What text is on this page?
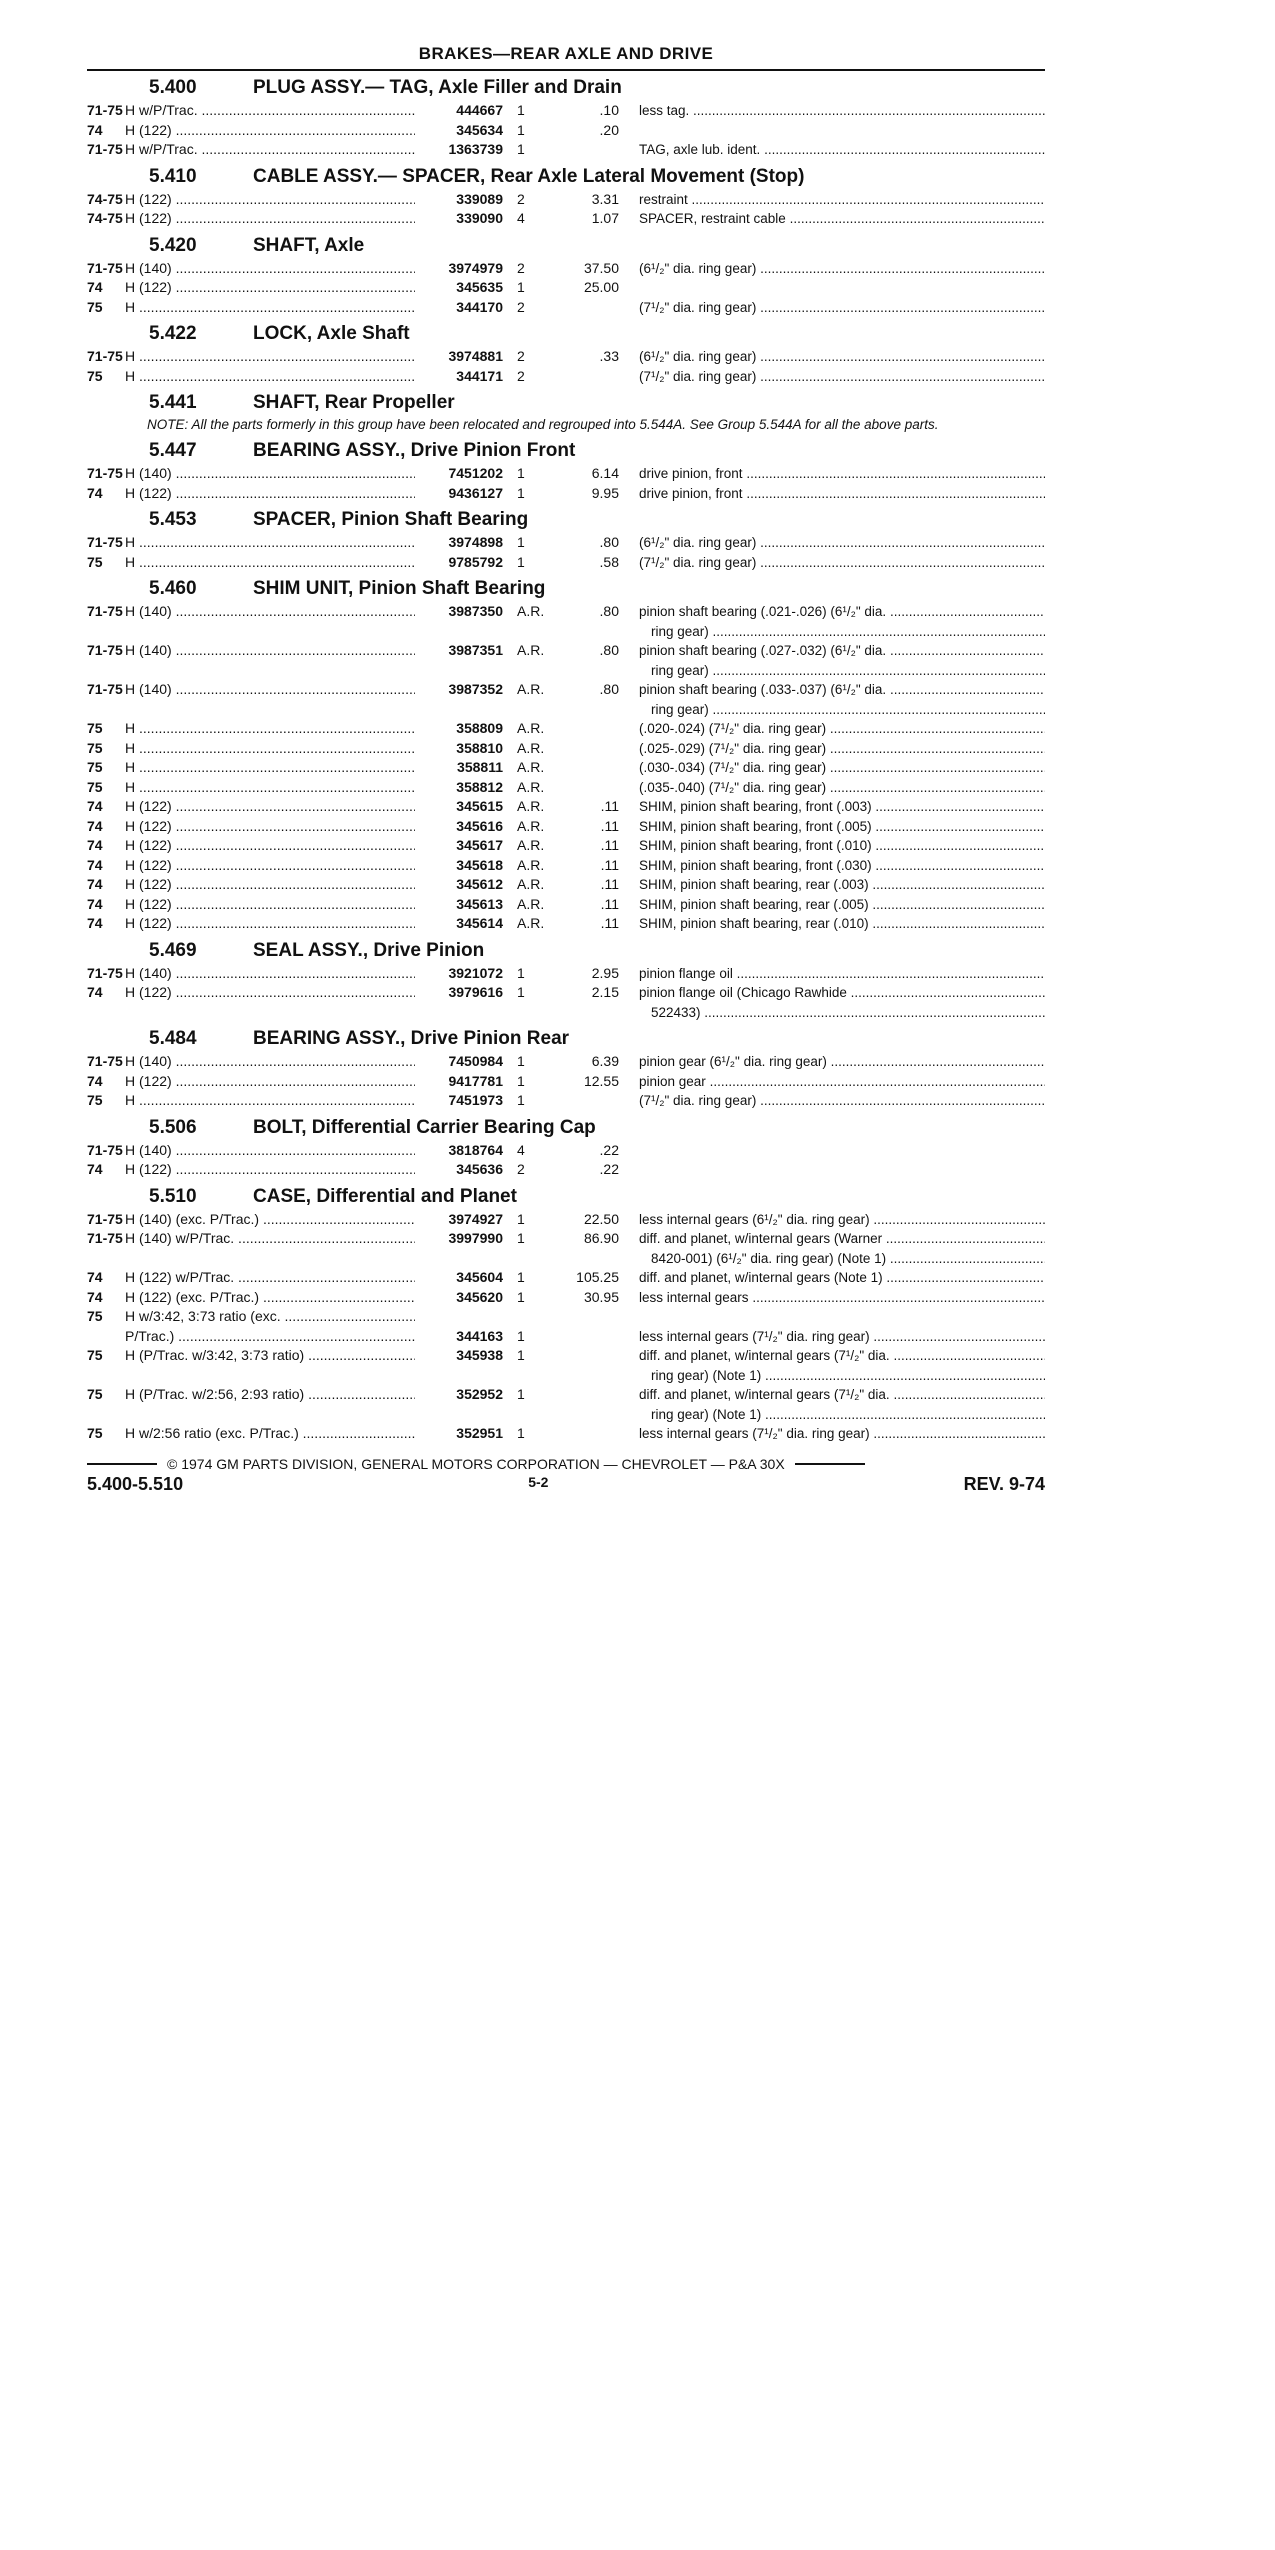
BRAKES—REAR AXLE AND DRIVE
5.400	PLUG ASSY.— TAG, Axle Filler and Drain
71-75 H w/P/Trac. .....	444667	1	.10 less tag. .....
74	H (122) .....	345634	1	.20
71-75 H w/P/Trac. .....	1363739	1	TAG, axle lub. ident. .....
5.410	CABLE ASSY.— SPACER, Rear Axle Lateral Movement (Stop)
74-75 H (122) .....	339089	2	3.31 restraint .....
74-75 H (122) .....	339090	4	1.07 SPACER, restraint cable .....
5.420	SHAFT, Axle
71-75 H (140) .....	3974979	2	37.50 (6¹/₂" dia. ring gear) .....
74	H (122) .....	345635	1	25.00
75	H .....	344170	2	(7¹/₂" dia. ring gear) .....
5.422	LOCK, Axle Shaft
71-75 H .....	3974881	2	.33 (6¹/₂" dia. ring gear) .....
75	H .....	344171	2	(7¹/₂" dia. ring gear) .....
5.441	SHAFT, Rear Propeller
NOTE: All the parts formerly in this group have been relocated and regrouped into 5.544A. See Group 5.544A for all the above parts.
5.447	BEARING ASSY., Drive Pinion Front
71-75 H (140) .....	7451202	1	6.14 drive pinion, front .....
74	H (122) .....	9436127	1	9.95 drive pinion, front .....
5.453	SPACER, Pinion Shaft Bearing
71-75 H .....	3974898	1	.80 (6¹/₂" dia. ring gear) .....
75	H .....	9785792	1	.58 (7¹/₂" dia. ring gear) .....
5.460	SHIM UNIT, Pinion Shaft Bearing
71-75 H (140) .....	3987350	A.R.	.80 pinion shaft bearing (.021-.026) (6¹/₂" dia. .....
ring gear) .....
71-75 H (140) .....	3987351	A.R.	.80 pinion shaft bearing (.027-.032) (6¹/₂" dia. .....
ring gear) .....
71-75 H (140) .....	3987352	A.R.	.80 pinion shaft bearing (.033-.037) (6¹/₂" dia. .....
ring gear) .....
75	H .....	358809	A.R.	(.020-.024) (7¹/₂" dia. ring gear) .....
75	H .....	358810	A.R.	(.025-.029) (7¹/₂" dia. ring gear) .....
75	H .....	358811	A.R.	(.030-.034) (7¹/₂" dia. ring gear) .....
75	H .....	358812	A.R.	(.035-.040) (7¹/₂" dia. ring gear) .....
74	H (122) .....	345615	A.R.	.11 SHIM, pinion shaft bearing, front (.003) .....
74	H (122) .....	345616	A.R.	.11 SHIM, pinion shaft bearing, front (.005) .....
74	H (122) .....	345617	A.R.	.11 SHIM, pinion shaft bearing, front (.010) .....
74	H (122) .....	345618	A.R.	.11 SHIM, pinion shaft bearing, front (.030) .....
74	H (122) .....	345612	A.R.	.11 SHIM, pinion shaft bearing, rear (.003) .....
74	H (122) .....	345613	A.R.	.11 SHIM, pinion shaft bearing, rear (.005) .....
74	H (122) .....	345614	A.R.	.11 SHIM, pinion shaft bearing, rear (.010) .....
5.469	SEAL ASSY., Drive Pinion
71-75 H (140) .....	3921072	1	2.95 pinion flange oil .....
74	H (122) .....	3979616	1	2.15 pinion flange oil (Chicago Rawhide .....
522433) .....
5.484	BEARING ASSY., Drive Pinion Rear
71-75 H (140) .....	7450984	1	6.39 pinion gear (6¹/₂" dia. ring gear) .....
74	H (122) .....	9417781	1	12.55 pinion gear .....
75	H .....	7451973	1	(7¹/₂" dia. ring gear) .....
5.506	BOLT, Differential Carrier Bearing Cap
71-75 H (140) .....	3818764	4	.22
74	H (122) .....	345636	2	.22
5.510	CASE, Differential and Planet
71-75 H (140) (exc. P/Trac.) .....	3974927	1	22.50 less internal gears (6¹/₂" dia. ring gear) .....
71-75 H (140) w/P/Trac. .....	3997990	1	86.90 diff. and planet, w/internal gears (Warner .....
8420-001) (6¹/₂" dia. ring gear) (Note 1) .....
74	H (122) w/P/Trac. .....	345604	1	105.25 diff. and planet, w/internal gears (Note 1) .....
74	H (122) (exc. P/Trac.) .....	345620	1	30.95 less internal gears .....
75	H w/3:42, 3:73 ratio (exc. .....
P/Trac.) .....	344163	1	less internal gears (7¹/₂" dia. ring gear) .....
75	H (P/Trac. w/3:42, 3:73 ratio) .....	345938	1	diff. and planet, w/internal gears (7¹/₂" dia. .....
ring gear) (Note 1) .....
75	H (P/Trac. w/2:56, 2:93 ratio) .....	352952	1	diff. and planet, w/internal gears (7¹/₂" dia. .....
ring gear) (Note 1) .....
75	H w/2:56 ratio (exc. P/Trac.) .....	352951	1	less internal gears (7¹/₂" dia. ring gear) .....
© 1974 GM PARTS DIVISION, GENERAL MOTORS CORPORATION — CHEVROLET — P&A 30X
5.400-5.510	5-2	REV. 9-74
